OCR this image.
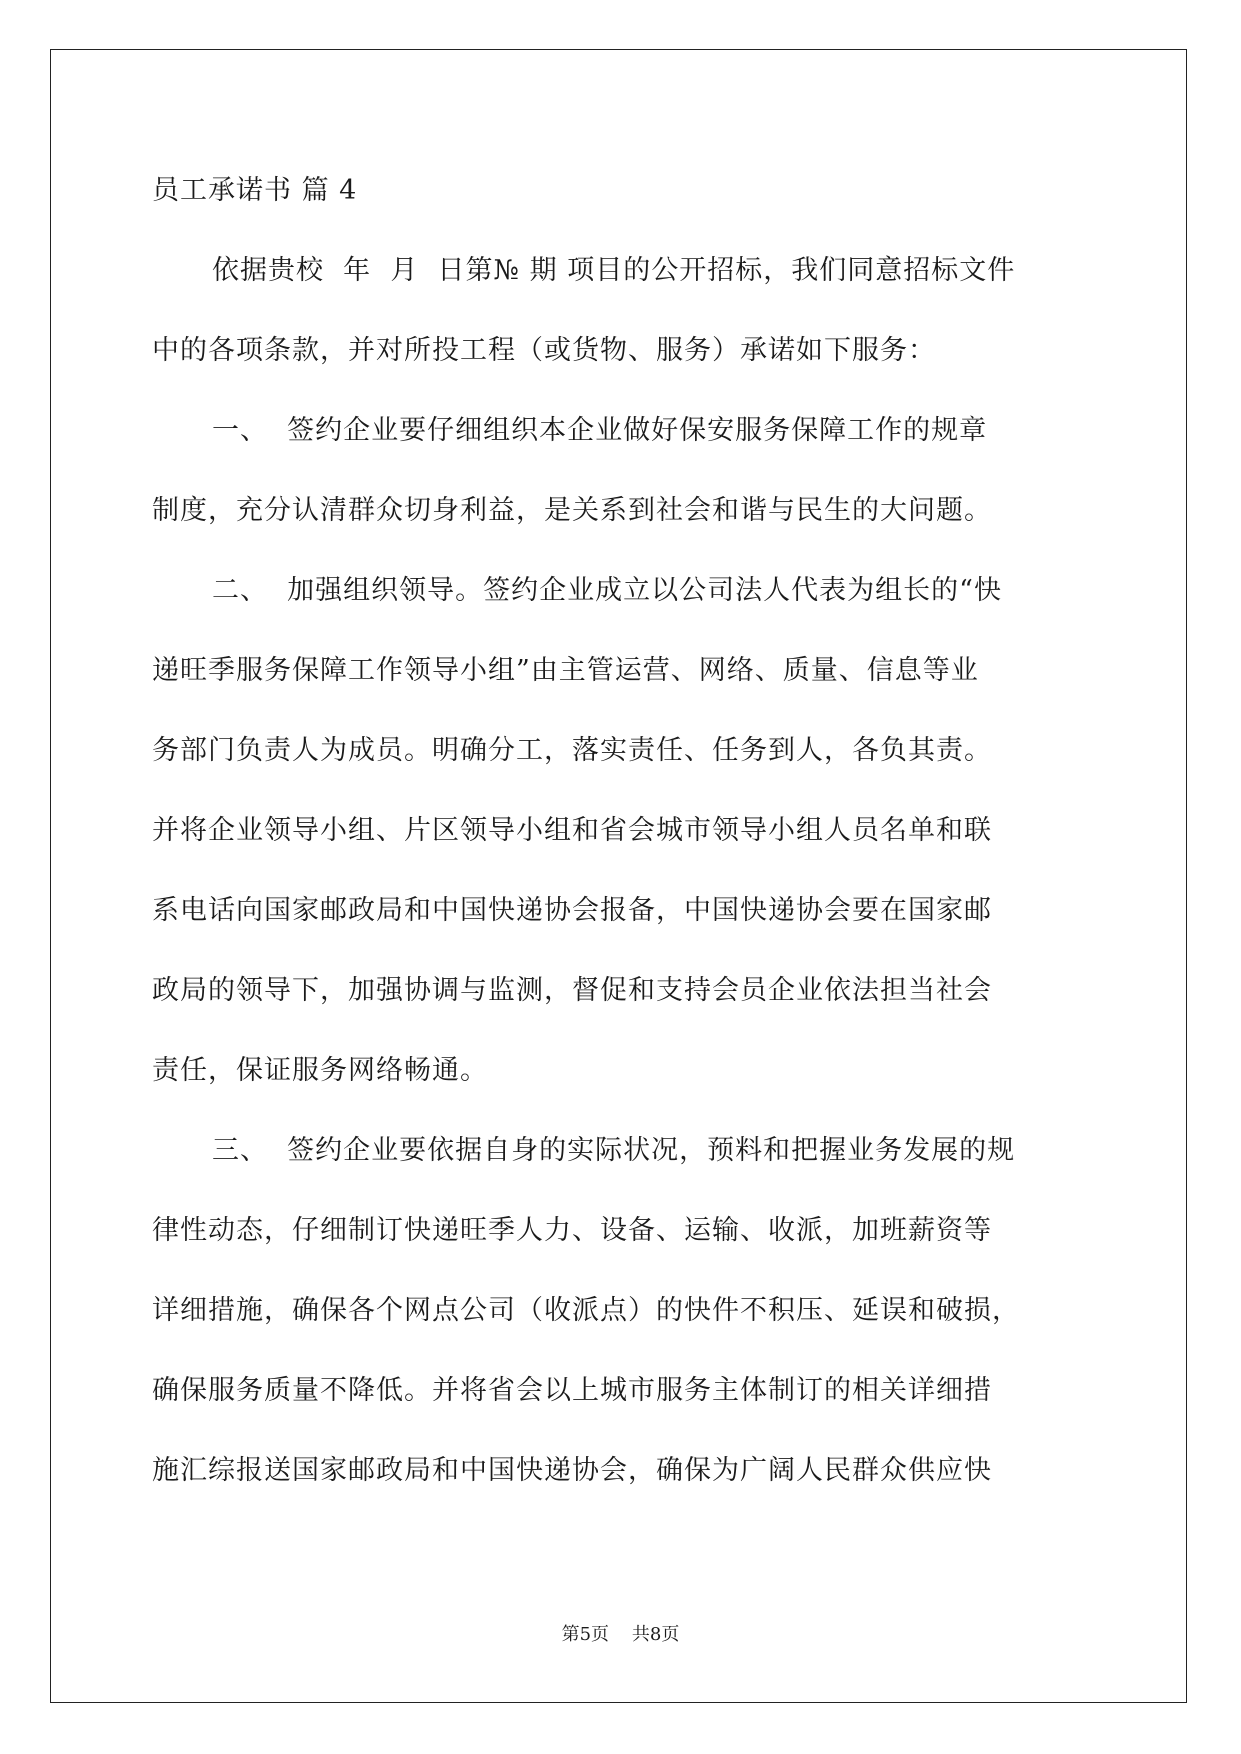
员工承诺书 篇 4
依据贵校  年  月  日第№ 期 项目的公开招标，我们同意招标文件
中的各项条款，并对所投工程（或货物、服务）承诺如下服务：
一、  签约企业要仔细组织本企业做好保安服务保障工作的规章
制度，充分认清群众切身利益，是关系到社会和谐与民生的大问题。
二、  加强组织领导。签约企业成立以公司法人代表为组长的“快
递旺季服务保障工作领导小组”由主管运营、网络、质量、信息等业
务部门负责人为成员。明确分工，落实责任、任务到人，各负其责。
并将企业领导小组、片区领导小组和省会城市领导小组人员名单和联
系电话向国家邮政局和中国快递协会报备，中国快递协会要在国家邮
政局的领导下，加强协调与监测，督促和支持会员企业依法担当社会
责任，保证服务网络畅通。
三、  签约企业要依据自身的实际状况，预料和把握业务发展的规
律性动态，仔细制订快递旺季人力、设备、运输、收派，加班薪资等
详细措施，确保各个网点公司（收派点）的快件不积压、延误和破损，
确保服务质量不降低。并将省会以上城市服务主体制订的相关详细措
施汇综报送国家邮政局和中国快递协会，确保为广阔人民群众供应快
第5页    共8页
